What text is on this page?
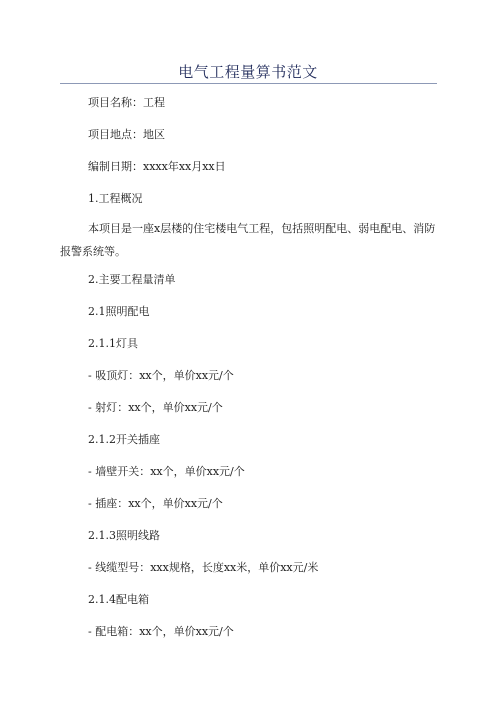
电气工程量算书范文
项目名称：工程
项目地点：地区
编制日期：xxxx年xx月xx日
1.工程概况

本项目是一座x层楼的住宅楼电气工程，包括照明配电、弱电配电、消防报警系统等。

2.主要工程量清单
2.1照明配电
2.1.1灯具
- 吸顶灯：xx个，单价xx元/个
- 射灯：xx个，单价xx元/个
2.1.2开关插座
- 墙壁开关：xx个，单价xx元/个
- 插座：xx个，单价xx元/个
2.1.3照明线路
- 线缆型号：xxx规格，长度xx米，单价xx元/米
2.1.4配电箱
- 配电箱：xx个，单价xx元/个
